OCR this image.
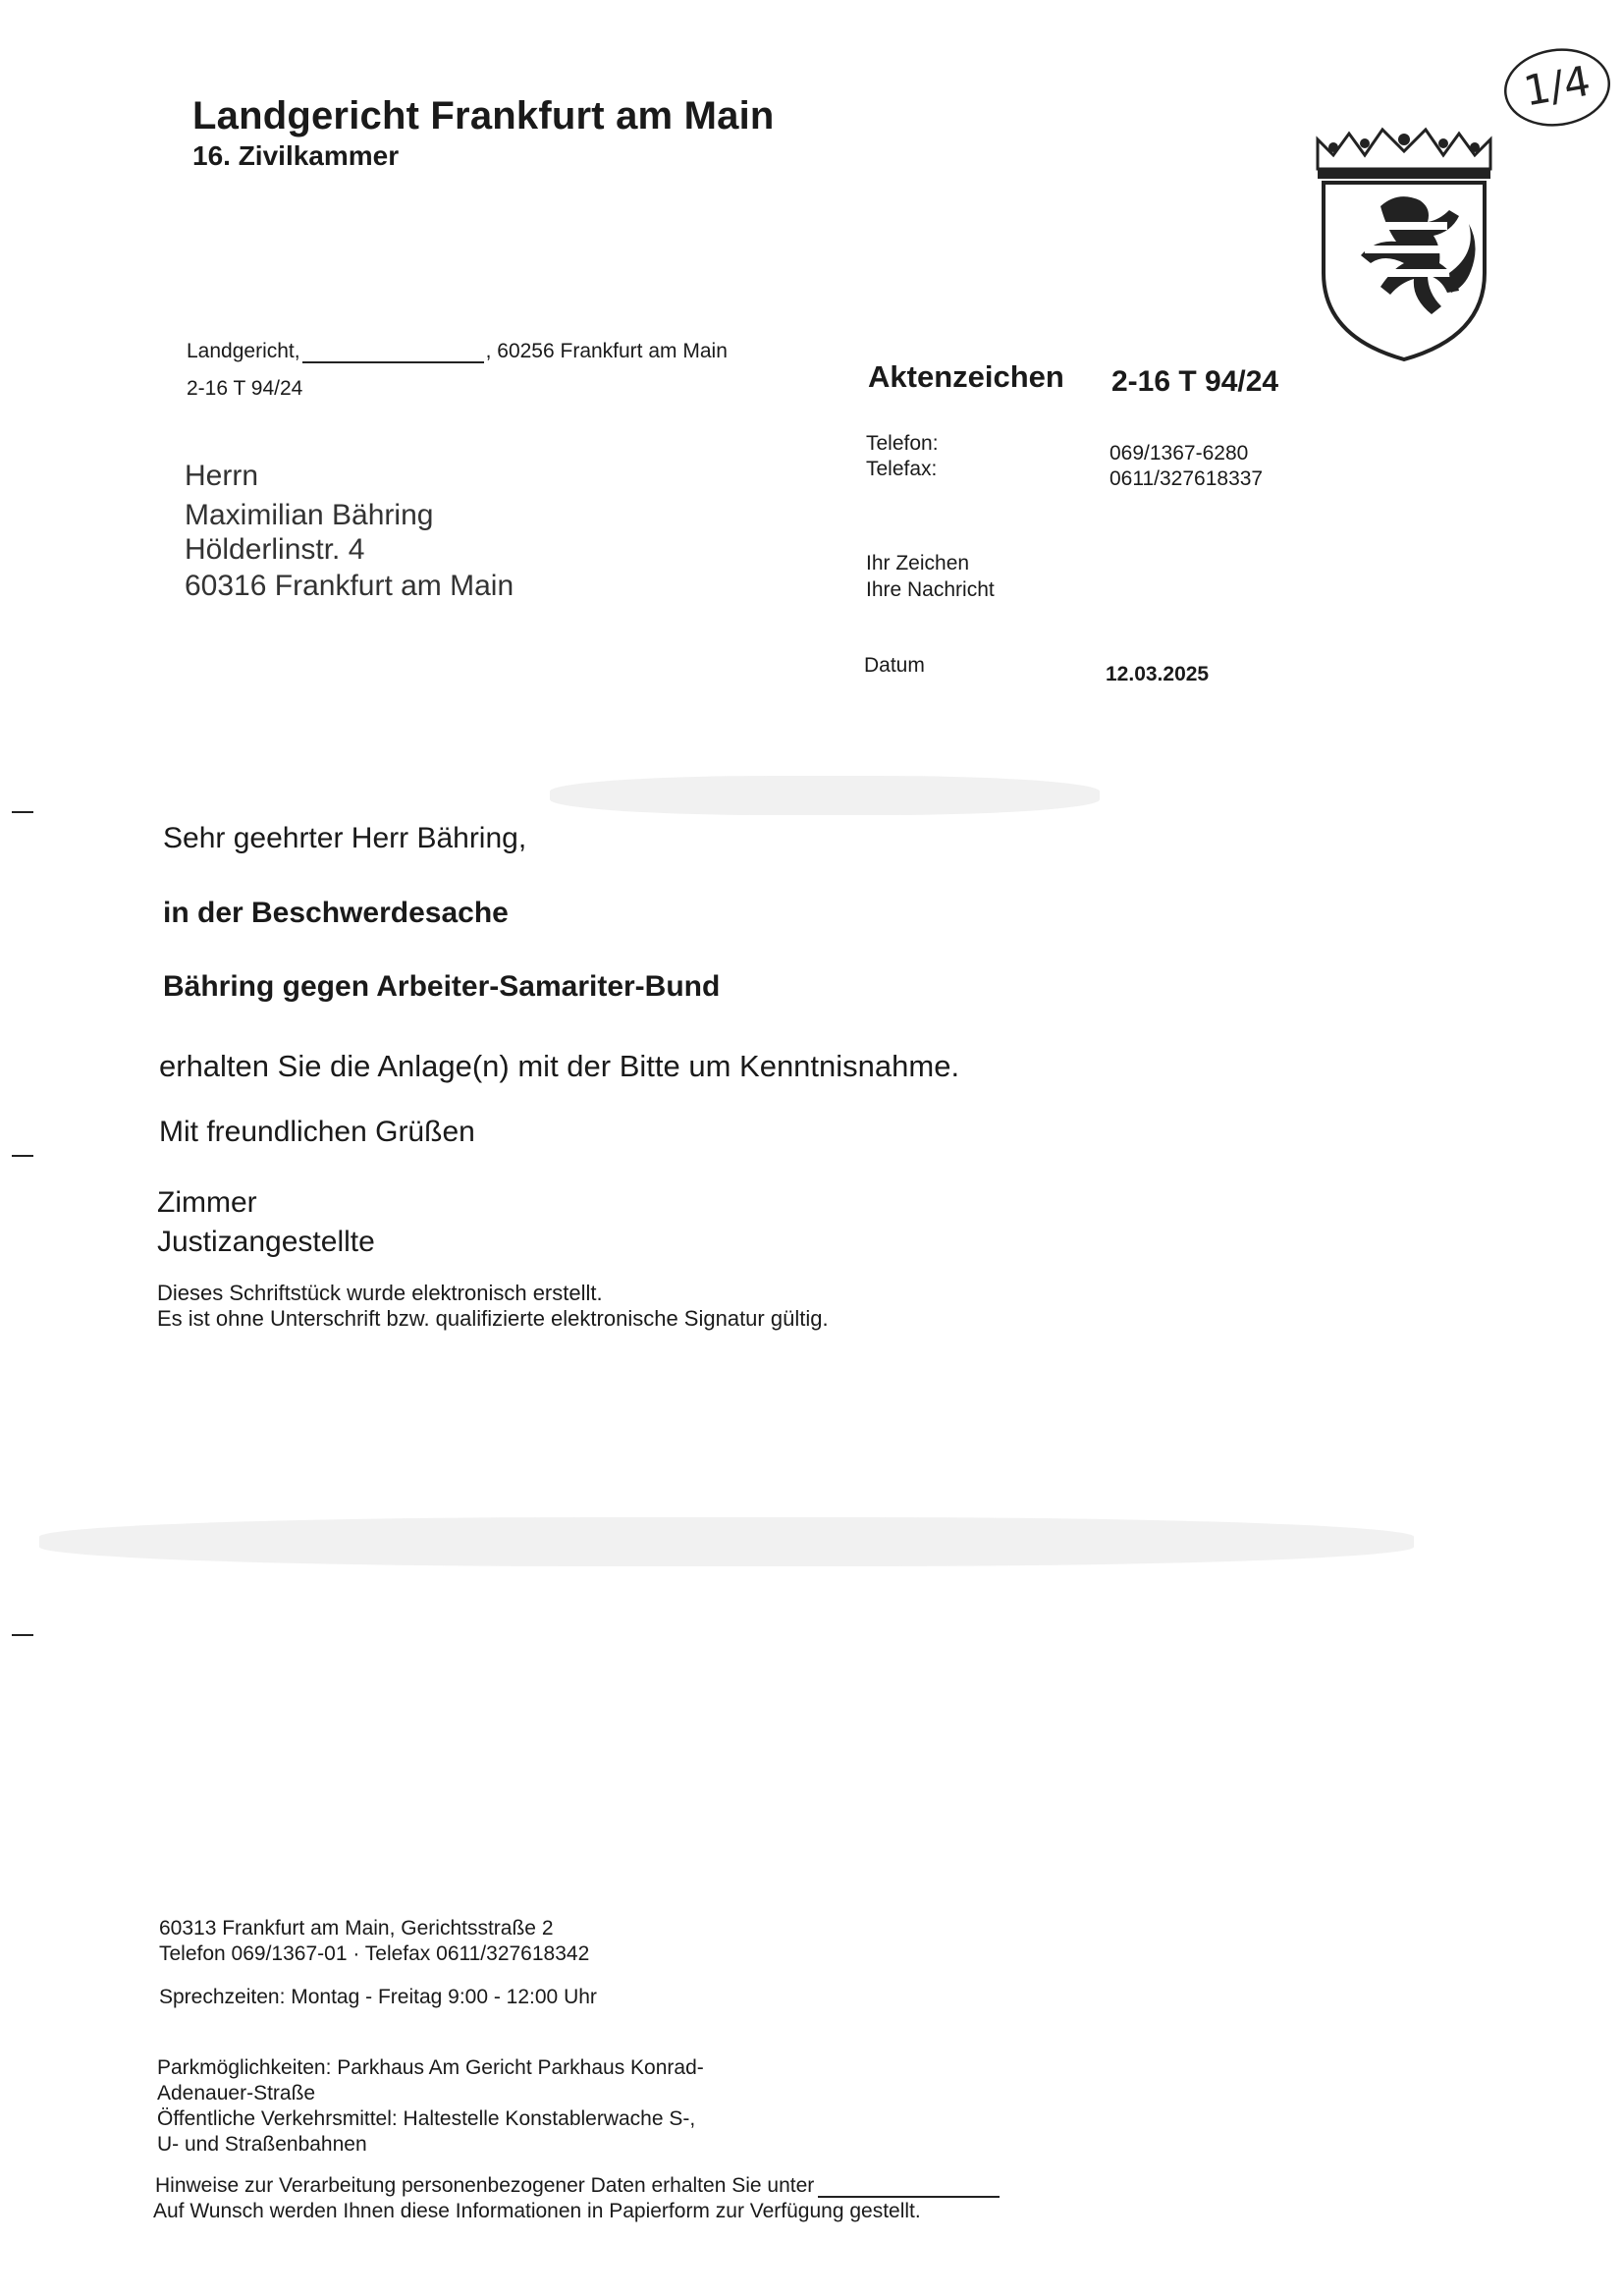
Landgericht Frankfurt am Main
16. Zivilkammer
1/4
Landgericht,	, 60256 Frankfurt am Main
2-16 T 94/24
Herrn
Maximilian Bähring
Hölderlinstr. 4
60316 Frankfurt am Main
Aktenzeichen 2-16 T 94/24
Telefon:	069/1367-6280
Telefax:	0611/327618337
Ihr Zeichen
Ihre Nachricht
Datum	12.03.2025
Sehr geehrter Herr Bähring,
in der Beschwerdesache
Bähring gegen Arbeiter-Samariter-Bund
erhalten Sie die Anlage(n) mit der Bitte um Kenntnisnahme.
Mit freundlichen Grüßen
Zimmer
Justizangestellte
Dieses Schriftstück wurde elektronisch erstellt.
Es ist ohne Unterschrift bzw. qualifizierte elektronische Signatur gültig.
60313 Frankfurt am Main, Gerichtsstraße 2
Telefon 069/1367-01 · Telefax 0611/327618342
Sprechzeiten: Montag - Freitag 9:00 - 12:00 Uhr
Parkmöglichkeiten: Parkhaus Am Gericht Parkhaus Konrad-
Adenauer-Straße
Öffentliche Verkehrsmittel: Haltestelle Konstablerwache S-,
U- und Straßenbahnen
Hinweise zur Verarbeitung personenbezogener Daten erhalten Sie unter
Auf Wunsch werden Ihnen diese Informationen in Papierform zur Verfügung gestellt.
